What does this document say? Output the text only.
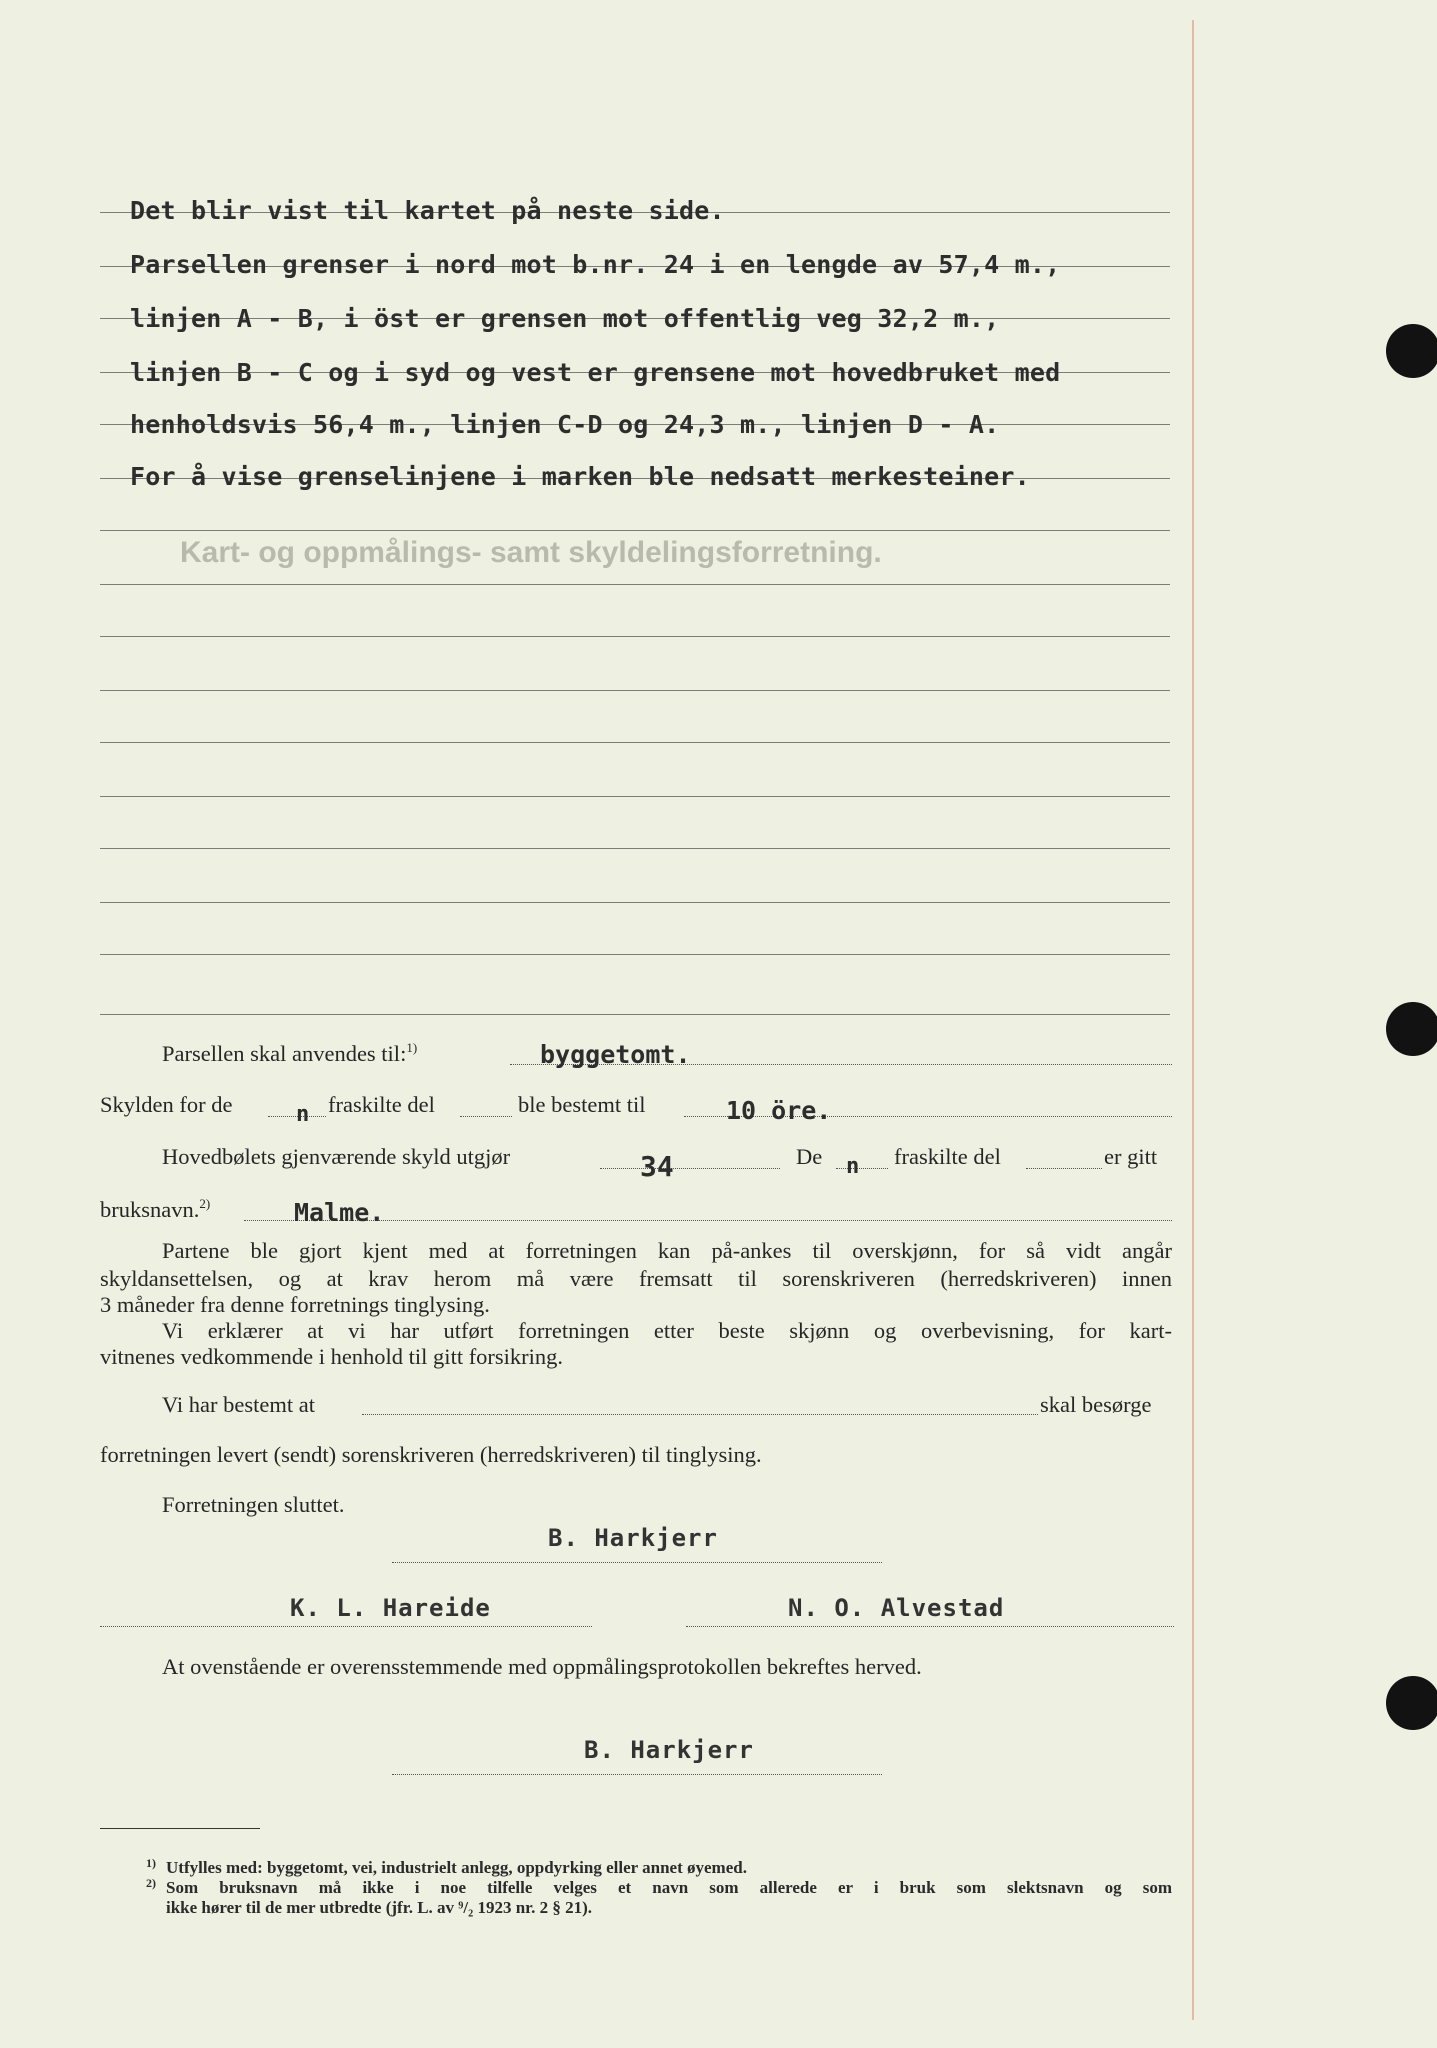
Kart- og oppmålings- samt skyldelingsforretning.
Det blir vist til kartet på neste side.
Parsellen grenser i nord mot b.nr. 24 i en lengde av 57,4 m.,
linjen A - B, i öst er grensen mot offentlig veg 32,2 m.,
linjen B - C og i syd og vest er grensene mot hovedbruket med
henholdsvis 56,4 m., linjen C-D og 24,3 m., linjen D - A.
For å vise grenselinjene i marken ble nedsatt merkesteiner.
Parsellen skal anvendes til:$^{1)}$	byggetomt.
Skylden for de	n fraskilte del	ble bestemt til	10 öre.
Hovedbølets gjenværende skyld utgjør	34	De n fraskilte del	er gitt
bruksnavn.$^{2)}$	Malme.
Partene ble gjort kjent med at forretningen kan på-ankes til overskjønn, for så vidt angår
skyldansettelsen, og at krav herom må være fremsatt til sorenskriveren (herredskriveren) innen
3 måneder fra denne forretnings tinglysing.
Vi erklærer at vi har utført forretningen etter beste skjønn og overbevisning, for kart-
vitnenes vedkommende i henhold til gitt forsikring.
Vi har bestemt at	skal besørge
forretningen levert (sendt) sorenskriveren (herredskriveren) til tinglysing.
Forretningen sluttet.
B. Harkjerr
K. L. Hareide	N. O. Alvestad
At ovenstående er overensstemmende med oppmålingsprotokollen bekreftes herved.
B. Harkjerr
1) Utfylles med: byggetomt, vei, industrielt anlegg, oppdyrking eller annet øyemed.
2) Som bruksnavn må ikke i noe tilfelle velges et navn som allerede er i bruk som slektsnavn og som
ikke hører til de mer utbredte (jfr. L. av ⁹/₂ 1923 nr. 2 § 21).
